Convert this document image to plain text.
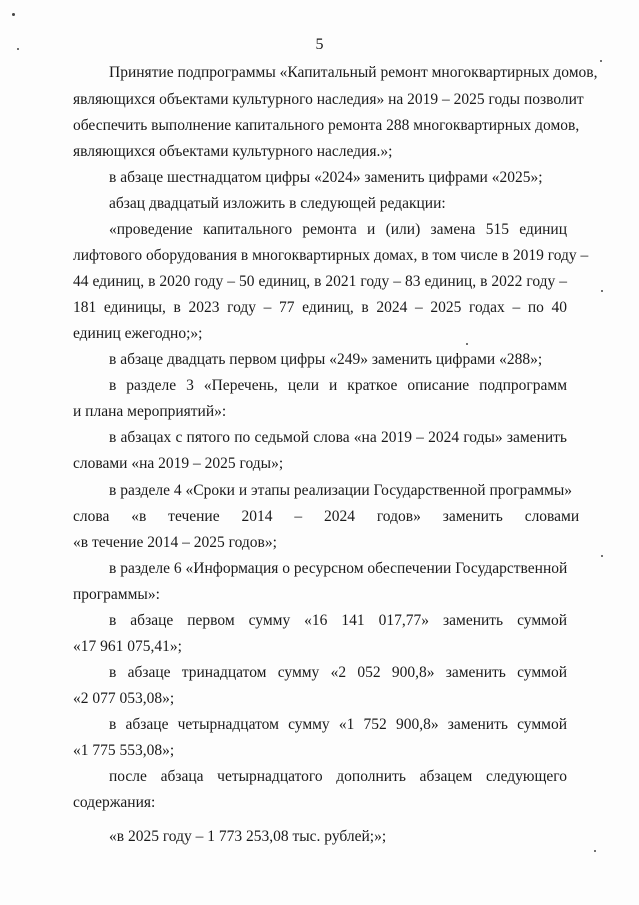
5
Принятие подпрограммы «Капитальный ремонт многоквартирных домов,
являющихся объектами культурного наследия» на 2019 – 2025 годы позволит
обеспечить выполнение капитального ремонта 288 многоквартирных домов,
являющихся объектами культурного наследия.»;
в абзаце шестнадцатом цифры «2024» заменить цифрами «2025»;
абзац двадцатый изложить в следующей редакции:
«проведение капитального ремонта и (или) замена 515 единиц
лифтового оборудования в многоквартирных домах, в том числе в 2019 году –
44 единиц, в 2020 году – 50 единиц, в 2021 году – 83 единиц, в 2022 году –
181 единицы, в 2023 году – 77 единиц, в 2024 – 2025 годах – по 40
единиц ежегодно;»;
в абзаце двадцать первом цифры «249» заменить цифрами «288»;
в разделе 3 «Перечень, цели и краткое описание подпрограмм
и плана мероприятий»:
в абзацах с пятого по седьмой слова «на 2019 – 2024 годы» заменить
словами «на 2019 – 2025 годы»;
в разделе 4 «Сроки и этапы реализации Государственной программы»
слова «в течение 2014 – 2024 годов» заменить словами
«в течение 2014 – 2025 годов»;
в разделе 6 «Информация о ресурсном обеспечении Государственной
программы»:
в абзаце первом сумму «16 141 017,77» заменить суммой
«17 961 075,41»;
в абзаце тринадцатом сумму «2 052 900,8» заменить суммой
«2 077 053,08»;
в абзаце четырнадцатом сумму «1 752 900,8» заменить суммой
«1 775 553,08»;
после абзаца четырнадцатого дополнить абзацем следующего
содержания:
«в 2025 году – 1 773 253,08 тыс. рублей;»;
